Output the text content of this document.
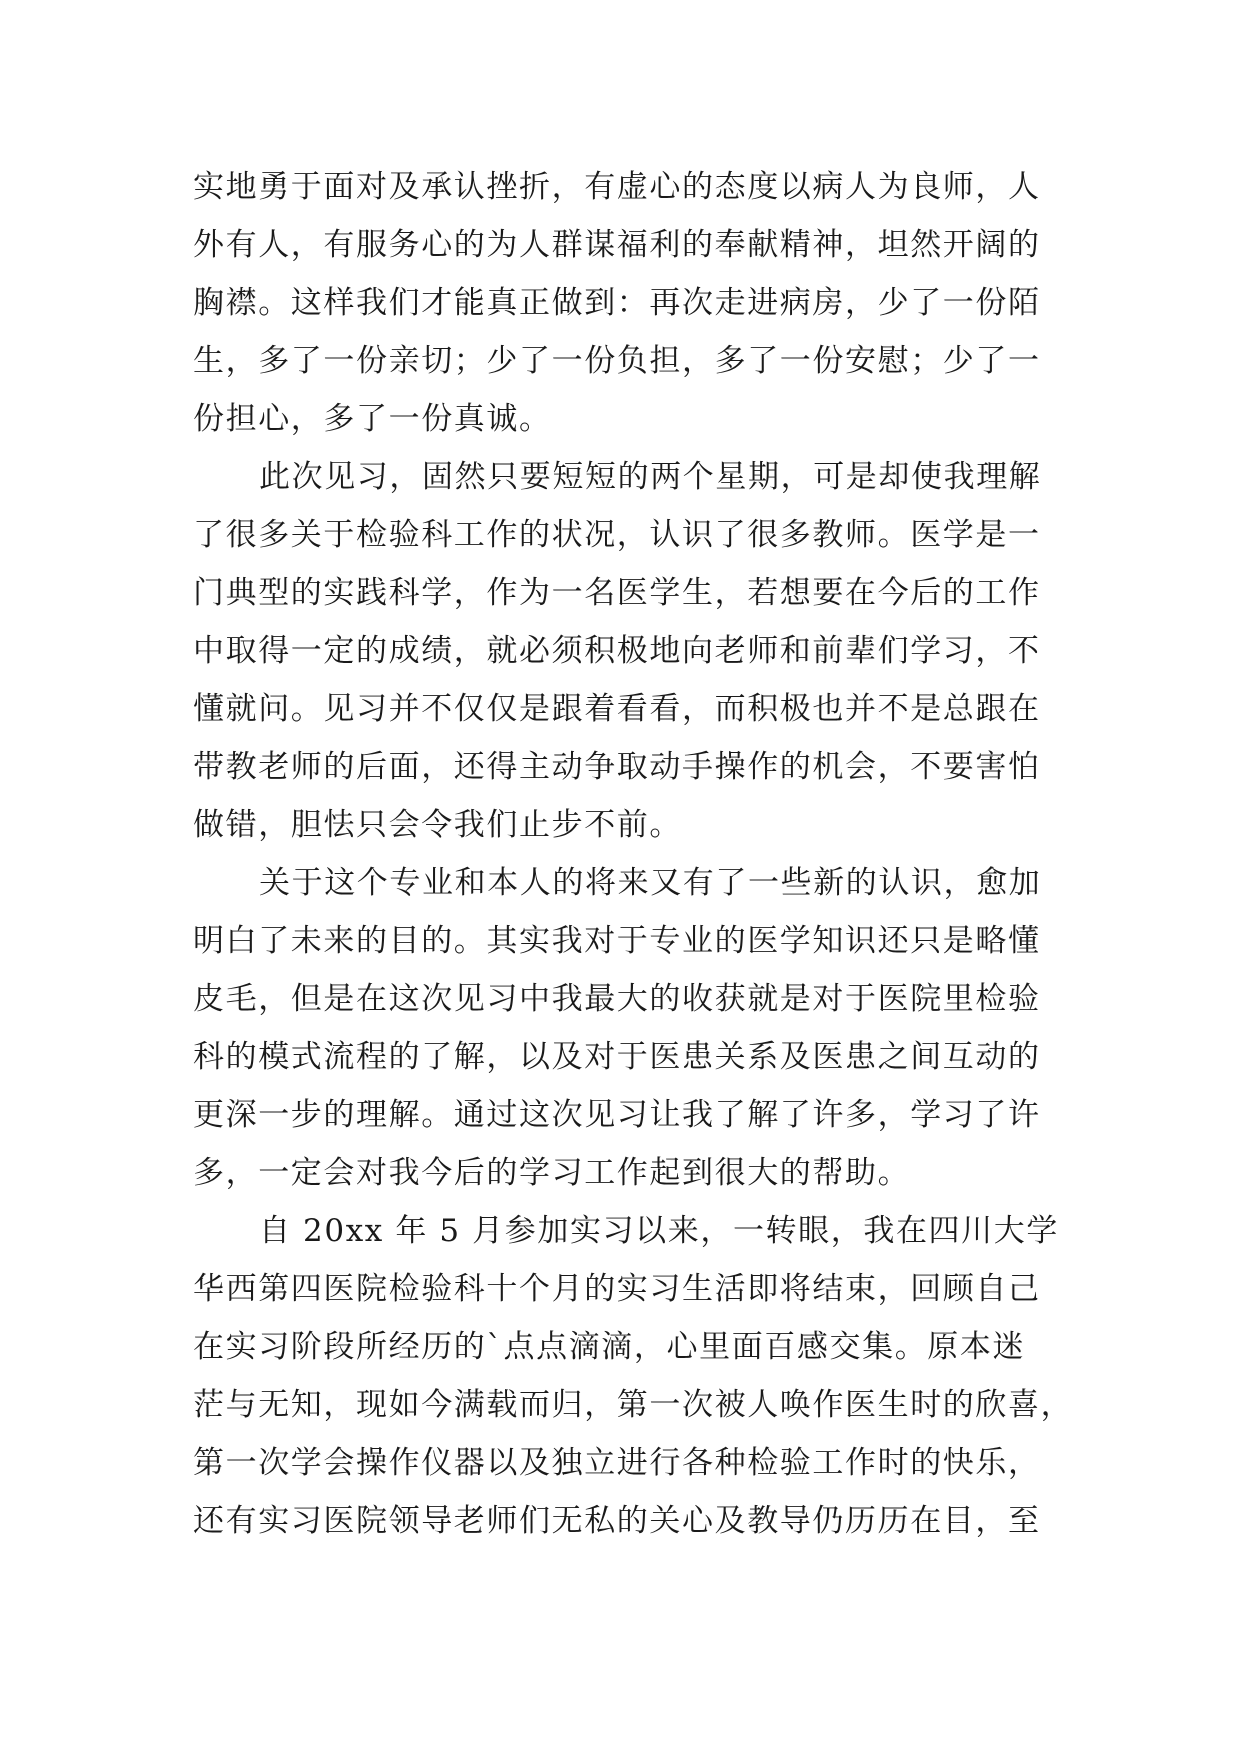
实地勇于面对及承认挫折，有虚心的态度以病人为良师，人
外有人，有服务心的为人群谋福利的奉献精神，坦然开阔的
胸襟。这样我们才能真正做到：再次走进病房，少了一份陌
生，多了一份亲切；少了一份负担，多了一份安慰；少了一
份担心，多了一份真诚。
此次见习，固然只要短短的两个星期，可是却使我理解
了很多关于检验科工作的状况，认识了很多教师。医学是一
门典型的实践科学，作为一名医学生，若想要在今后的工作
中取得一定的成绩，就必须积极地向老师和前辈们学习，不
懂就问。见习并不仅仅是跟着看看，而积极也并不是总跟在
带教老师的后面，还得主动争取动手操作的机会，不要害怕
做错，胆怯只会令我们止步不前。
关于这个专业和本人的将来又有了一些新的认识，愈加
明白了未来的目的。其实我对于专业的医学知识还只是略懂
皮毛，但是在这次见习中我最大的收获就是对于医院里检验
科的模式流程的了解，以及对于医患关系及医患之间互动的
更深一步的理解。通过这次见习让我了解了许多，学习了许
多，一定会对我今后的学习工作起到很大的帮助。
自 20xx 年 5 月参加实习以来，一转眼，我在四川大学
华西第四医院检验科十个月的实习生活即将结束，回顾自己
在实习阶段所经历的`点点滴滴，心里面百感交集。原本迷
茫与无知，现如今满载而归，第一次被人唤作医生时的欣喜，
第一次学会操作仪器以及独立进行各种检验工作时的快乐，
还有实习医院领导老师们无私的关心及教导仍历历在目，至
